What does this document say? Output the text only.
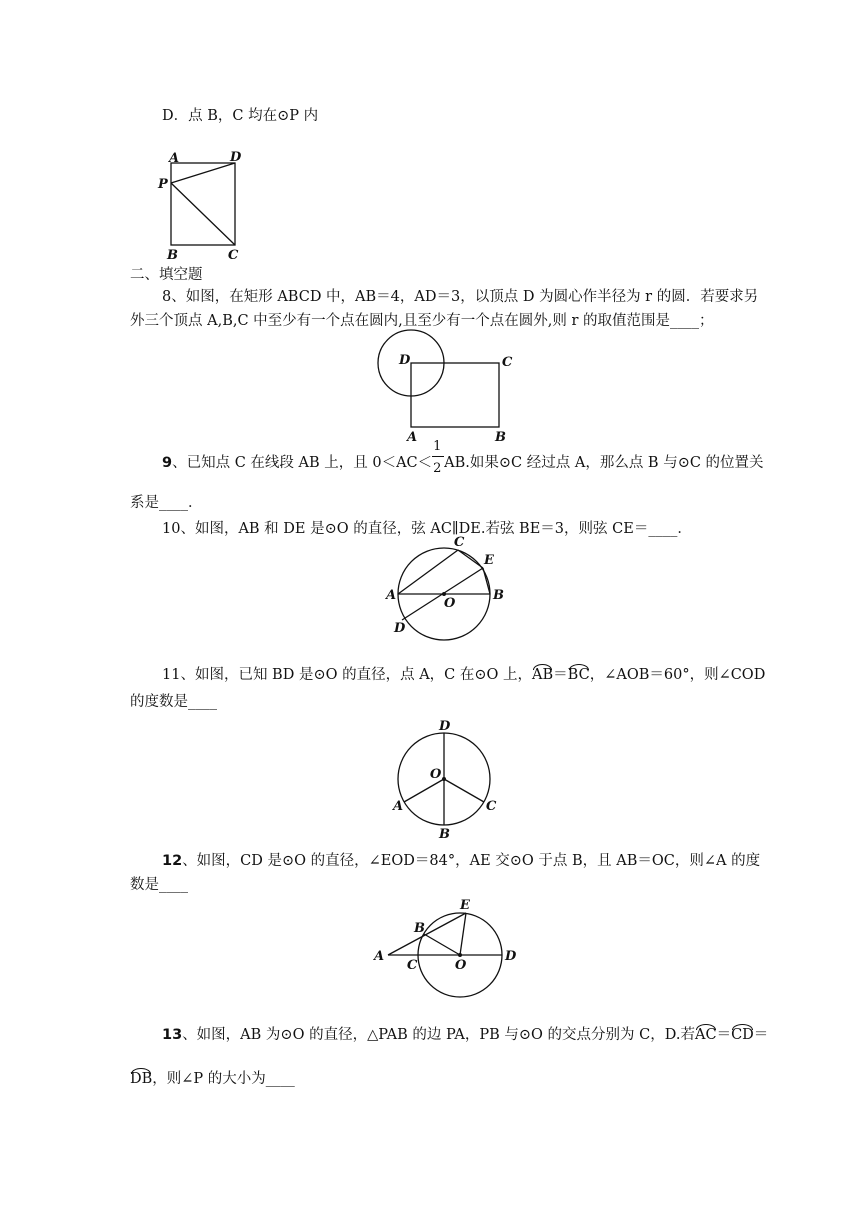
D．点 B，C 均在⊙P 内
A	D
P
B	C
二、填空题
8、如图，在矩形 ABCD 中，AB＝4，AD＝3，以顶点 D 为圆心作半径为 r 的圆．若要求另
外三个顶点 A,B,C 中至少有一个点在圆内,且至少有一个点在圆外,则 r 的取值范围是____；
D	C
A	B
9、已知点 C 在线段 AB 上，且 $0<AC< \frac{1}{2}$ AB.如果⊙C 经过点 A，那么点 B 与⊙C 的位置关
系是____．
10、如图，AB 和 DE 是⊙O 的直径，弦 AC∥DE.若弦 BE＝3，则弦 CE＝____．
C
E
A
O
B
D
11、如图，已知 BD 是⊙O 的直径，点 A，C 在⊙O 上，AB＝BC，∠AOB＝60°，则∠COD
的度数是____
D
O
A	C
B
12、如图，CD 是⊙O 的直径，∠EOD＝84°，AE 交⊙O 于点 B，且 AB＝OC，则∠A 的度
数是____
E
B
A
C	O
D
13、如图，AB 为⊙O 的直径，△PAB 的边 PA，PB 与⊙O 的交点分别为 C，D.若AC＝CD＝
DB，则∠P 的大小为____
